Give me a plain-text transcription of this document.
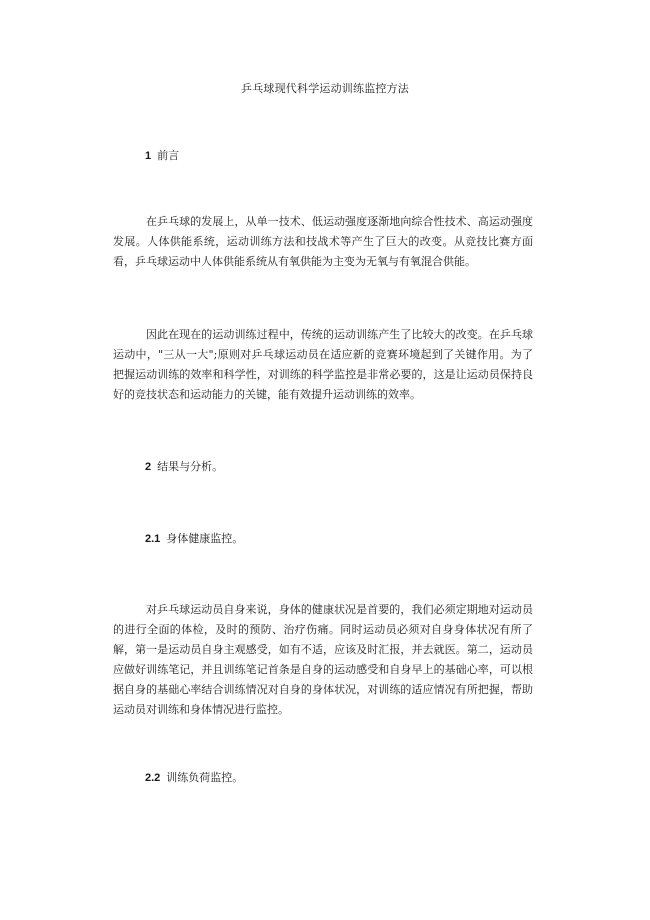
乒乓球现代科学运动训练监控方法
1 前言
在乒乓球的发展上，从单一技术、低运动强度逐渐地向综合性技术、高运动强度发展。人体供能系统，运动训练方法和技战术等产生了巨大的改变。从竞技比赛方面看，乒乓球运动中人体供能系统从有氧供能为主变为无氧与有氧混合供能。
因此在现在的运动训练过程中，传统的运动训练产生了比较大的改变。在乒乓球运动中，"三从一大";原则对乒乓球运动员在适应新的竞赛环境起到了关键作用。为了把握运动训练的效率和科学性，对训练的科学监控是非常必要的，这是让运动员保持良好的竞技状态和运动能力的关键，能有效提升运动训练的效率。
2 结果与分析。
2.1 身体健康监控。
对乒乓球运动员自身来说，身体的健康状况是首要的，我们必须定期地对运动员的进行全面的体检，及时的预防、治疗伤痛。同时运动员必须对自身身体状况有所了解，第一是运动员自身主观感受，如有不适，应该及时汇报，并去就医。第二，运动员应做好训练笔记，并且训练笔记首条是自身的运动感受和自身早上的基础心率，可以根据自身的基础心率结合训练情况对自身的身体状况，对训练的适应情况有所把握，帮助运动员对训练和身体情况进行监控。
2.2 训练负荷监控。
